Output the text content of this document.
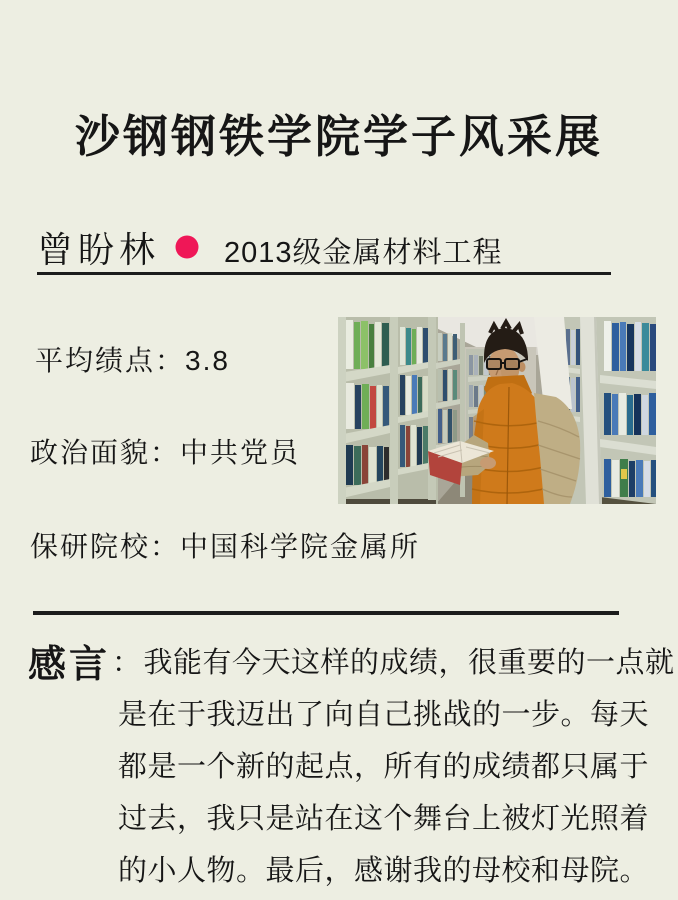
沙钢钢铁学院学子风采展
曾盼林 2013级金属材料工程
平均绩点：3.8
政治面貌：中共党员
保研院校：中国科学院金属所
感言 ： 我能有今天这样的成绩，很重要的一点就
是在于我迈出了向自己挑战的一步。每天
都是一个新的起点，所有的成绩都只属于
过去，我只是站在这个舞台上被灯光照着
的小人物。最后，感谢我的母校和母院。
